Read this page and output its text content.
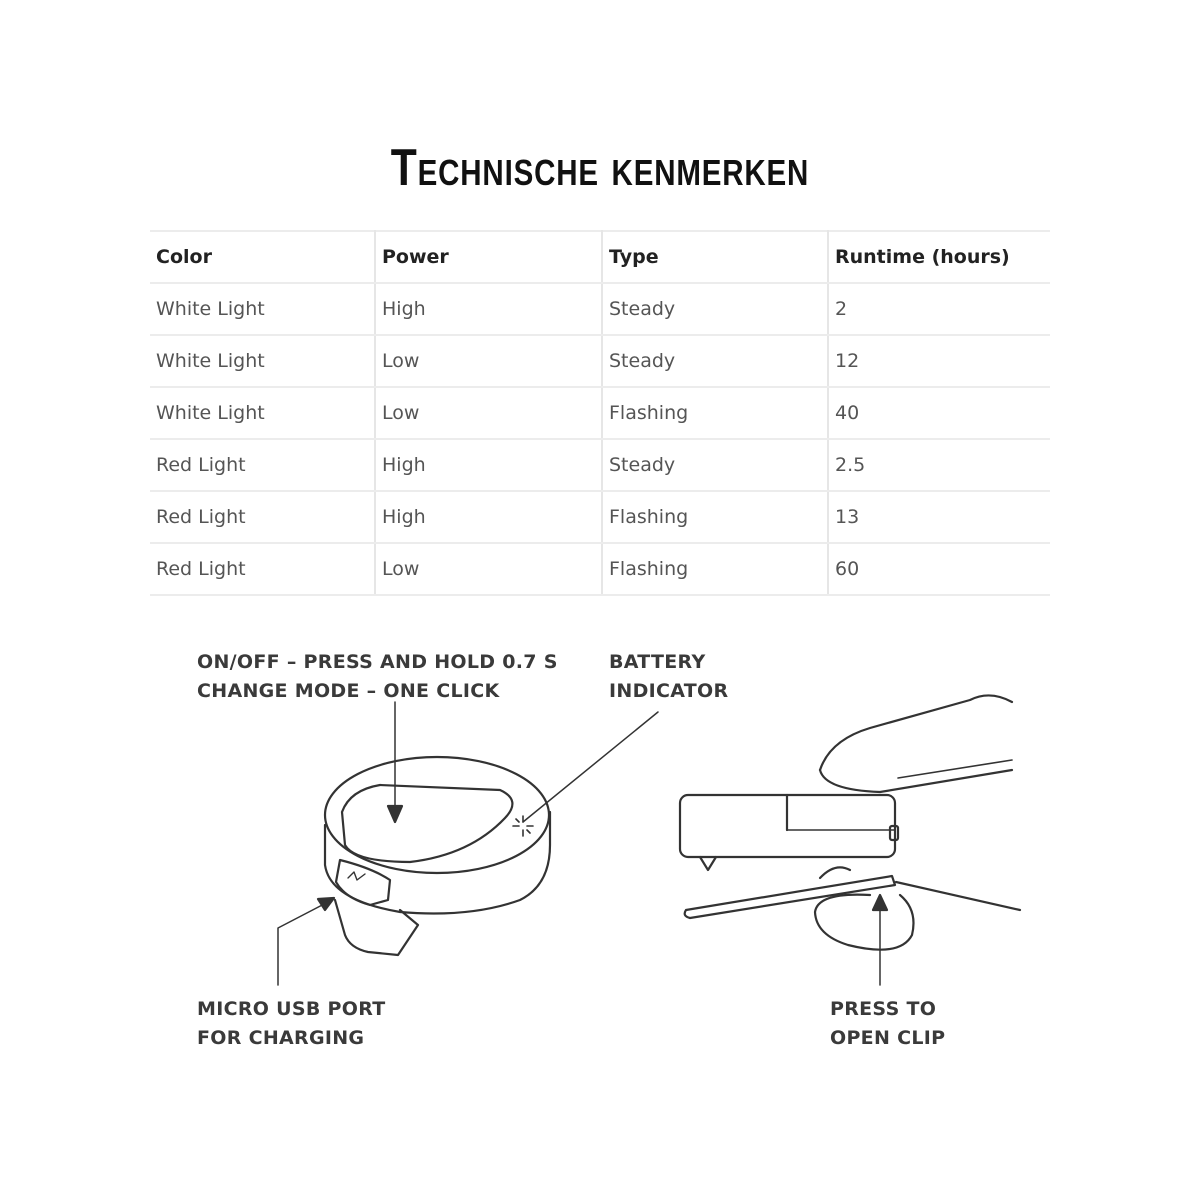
Technische kenmerken
Color	Power	Type	Runtime (hours)
White Light	High	Steady	2
White Light	Low	Steady	12
White Light	Low	Flashing	40
Red Light	High	Steady	2.5
Red Light	High	Flashing	13
Red Light	Low	Flashing	60
ON/OFF – PRESS AND HOLD 0.7 S
CHANGE MODE – ONE CLICK
BATTERY
INDICATOR
MICRO USB PORT
FOR CHARGING
PRESS TO
OPEN CLIP
